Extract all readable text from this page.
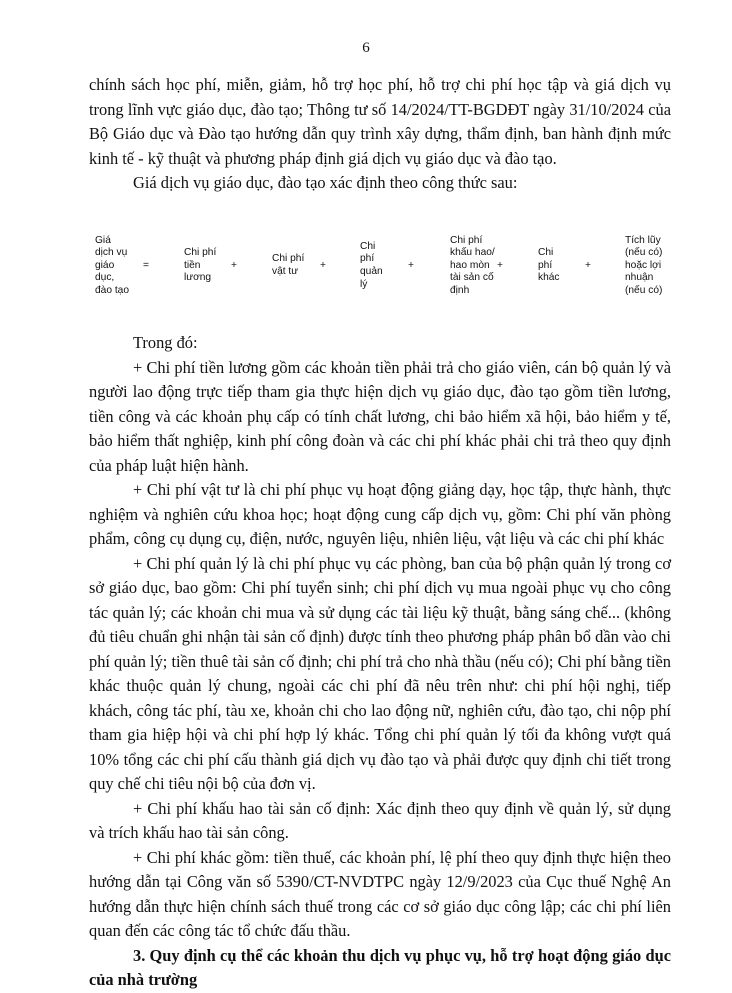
6

chính sách học phí, miễn, giảm, hỗ trợ học phí, hỗ trợ chi phí học tập và giá dịch vụ trong lĩnh vực giáo dục, đào tạo; Thông tư số 14/2024/TT-BGDĐT ngày 31/10/2024 của Bộ Giáo dục và Đào tạo hướng dẫn quy trình xây dựng, thẩm định, ban hành định mức kinh tế - kỹ thuật và phương pháp định giá dịch vụ giáo dục và đào tạo.

Giá dịch vụ giáo dục, đào tạo xác định theo công thức sau:

Giá dịch vụ giáo dục, đào tạo
=
Chi phí tiền lương
+
Chi phí vật tư
+
Chi phí quản lý
+
Chi phí khấu hao/ hao mòn tài sản cố định
+
Chi phí khác
+
Tích lũy (nếu có) hoặc lợi nhuận (nếu có)

Trong đó:

+ Chi phí tiền lương gồm các khoản tiền phải trả cho giáo viên, cán bộ quản lý và người lao động trực tiếp tham gia thực hiện dịch vụ giáo dục, đào tạo gồm tiền lương, tiền công và các khoản phụ cấp có tính chất lương, chi bảo hiểm xã hội, bảo hiểm y tế, bảo hiểm thất nghiệp, kinh phí công đoàn và các chi phí khác phải chi trả theo quy định của pháp luật hiện hành.

+ Chi phí vật tư là chi phí phục vụ hoạt động giảng dạy, học tập, thực hành, thực nghiệm và nghiên cứu khoa học; hoạt động cung cấp dịch vụ, gồm: Chi phí văn phòng phẩm, công cụ dụng cụ, điện, nước, nguyên liệu, nhiên liệu, vật liệu và các chi phí khác

+ Chi phí quản lý là chi phí phục vụ các phòng, ban của bộ phận quản lý trong cơ sở giáo dục, bao gồm: Chi phí tuyển sinh; chi phí dịch vụ mua ngoài phục vụ cho công tác quản lý; các khoản chi mua và sử dụng các tài liệu kỹ thuật, bằng sáng chế... (không đủ tiêu chuẩn ghi nhận tài sản cố định) được tính theo phương pháp phân bổ dần vào chi phí quản lý; tiền thuê tài sản cố định; chi phí trả cho nhà thầu (nếu có); Chi phí bằng tiền khác thuộc quản lý chung, ngoài các chi phí đã nêu trên như: chi phí hội nghị, tiếp khách, công tác phí, tàu xe, khoản chi cho lao động nữ, nghiên cứu, đào tạo, chi nộp phí tham gia hiệp hội và chi phí hợp lý khác. Tổng chi phí quản lý tối đa không vượt quá 10% tổng các chi phí cấu thành giá dịch vụ đào tạo và phải được quy định chi tiết trong quy chế chi tiêu nội bộ của đơn vị.

+ Chi phí khấu hao tài sản cố định: Xác định theo quy định về quản lý, sử dụng và trích khấu hao tài sản công.

+ Chi phí khác gồm: tiền thuế, các khoản phí, lệ phí theo quy định thực hiện theo hướng dẫn tại Công văn số 5390/CT-NVDTPC ngày 12/9/2023 của Cục thuế Nghệ An hướng dẫn thực hiện chính sách thuế trong các cơ sở giáo dục công lập; các chi phí liên quan đến các công tác tổ chức đấu thầu.

3. Quy định cụ thể các khoản thu dịch vụ phục vụ, hỗ trợ hoạt động giáo dục của nhà trường
